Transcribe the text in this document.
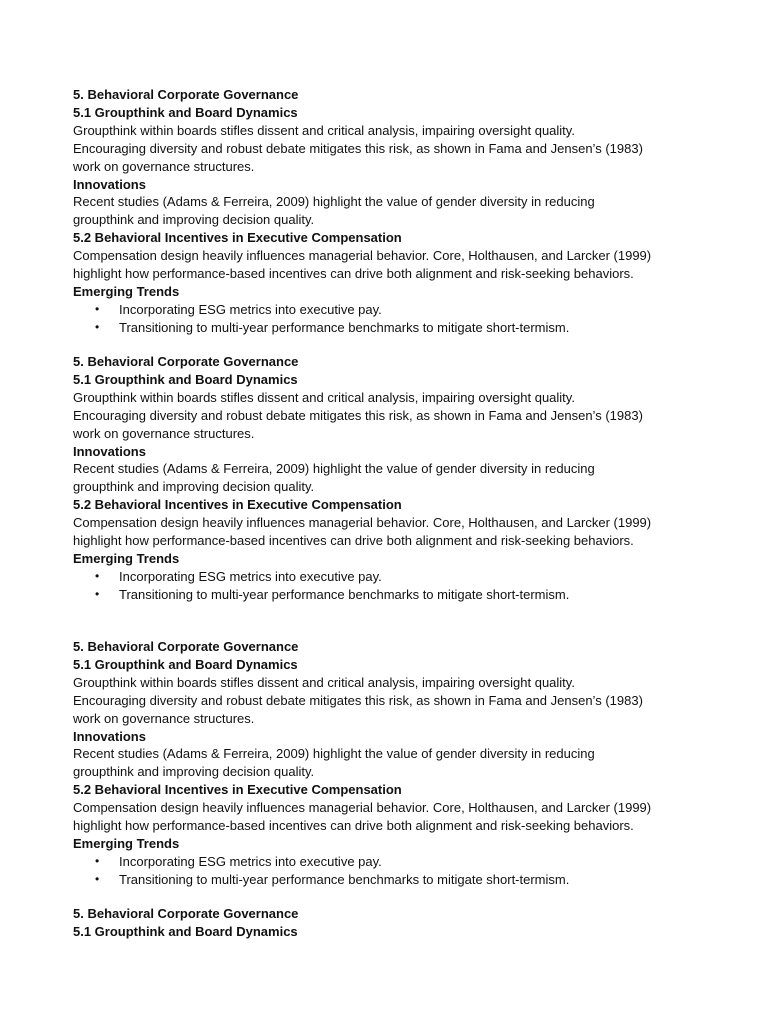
5. Behavioral Corporate Governance
5.1 Groupthink and Board Dynamics
Groupthink within boards stifles dissent and critical analysis, impairing oversight quality.
Encouraging diversity and robust debate mitigates this risk, as shown in Fama and Jensen’s (1983)
work on governance structures.
Innovations
Recent studies (Adams & Ferreira, 2009) highlight the value of gender diversity in reducing
groupthink and improving decision quality.
5.2 Behavioral Incentives in Executive Compensation
Compensation design heavily influences managerial behavior. Core, Holthausen, and Larcker (1999)
highlight how performance-based incentives can drive both alignment and risk-seeking behaviors.
Emerging Trends
• Incorporating ESG metrics into executive pay.
• Transitioning to multi-year performance benchmarks to mitigate short-termism.
5. Behavioral Corporate Governance
5.1 Groupthink and Board Dynamics
Groupthink within boards stifles dissent and critical analysis, impairing oversight quality.
Encouraging diversity and robust debate mitigates this risk, as shown in Fama and Jensen’s (1983)
work on governance structures.
Innovations
Recent studies (Adams & Ferreira, 2009) highlight the value of gender diversity in reducing
groupthink and improving decision quality.
5.2 Behavioral Incentives in Executive Compensation
Compensation design heavily influences managerial behavior. Core, Holthausen, and Larcker (1999)
highlight how performance-based incentives can drive both alignment and risk-seeking behaviors.
Emerging Trends
• Incorporating ESG metrics into executive pay.
• Transitioning to multi-year performance benchmarks to mitigate short-termism.
5. Behavioral Corporate Governance
5.1 Groupthink and Board Dynamics
Groupthink within boards stifles dissent and critical analysis, impairing oversight quality.
Encouraging diversity and robust debate mitigates this risk, as shown in Fama and Jensen’s (1983)
work on governance structures.
Innovations
Recent studies (Adams & Ferreira, 2009) highlight the value of gender diversity in reducing
groupthink and improving decision quality.
5.2 Behavioral Incentives in Executive Compensation
Compensation design heavily influences managerial behavior. Core, Holthausen, and Larcker (1999)
highlight how performance-based incentives can drive both alignment and risk-seeking behaviors.
Emerging Trends
• Incorporating ESG metrics into executive pay.
• Transitioning to multi-year performance benchmarks to mitigate short-termism.
5. Behavioral Corporate Governance
5.1 Groupthink and Board Dynamics
